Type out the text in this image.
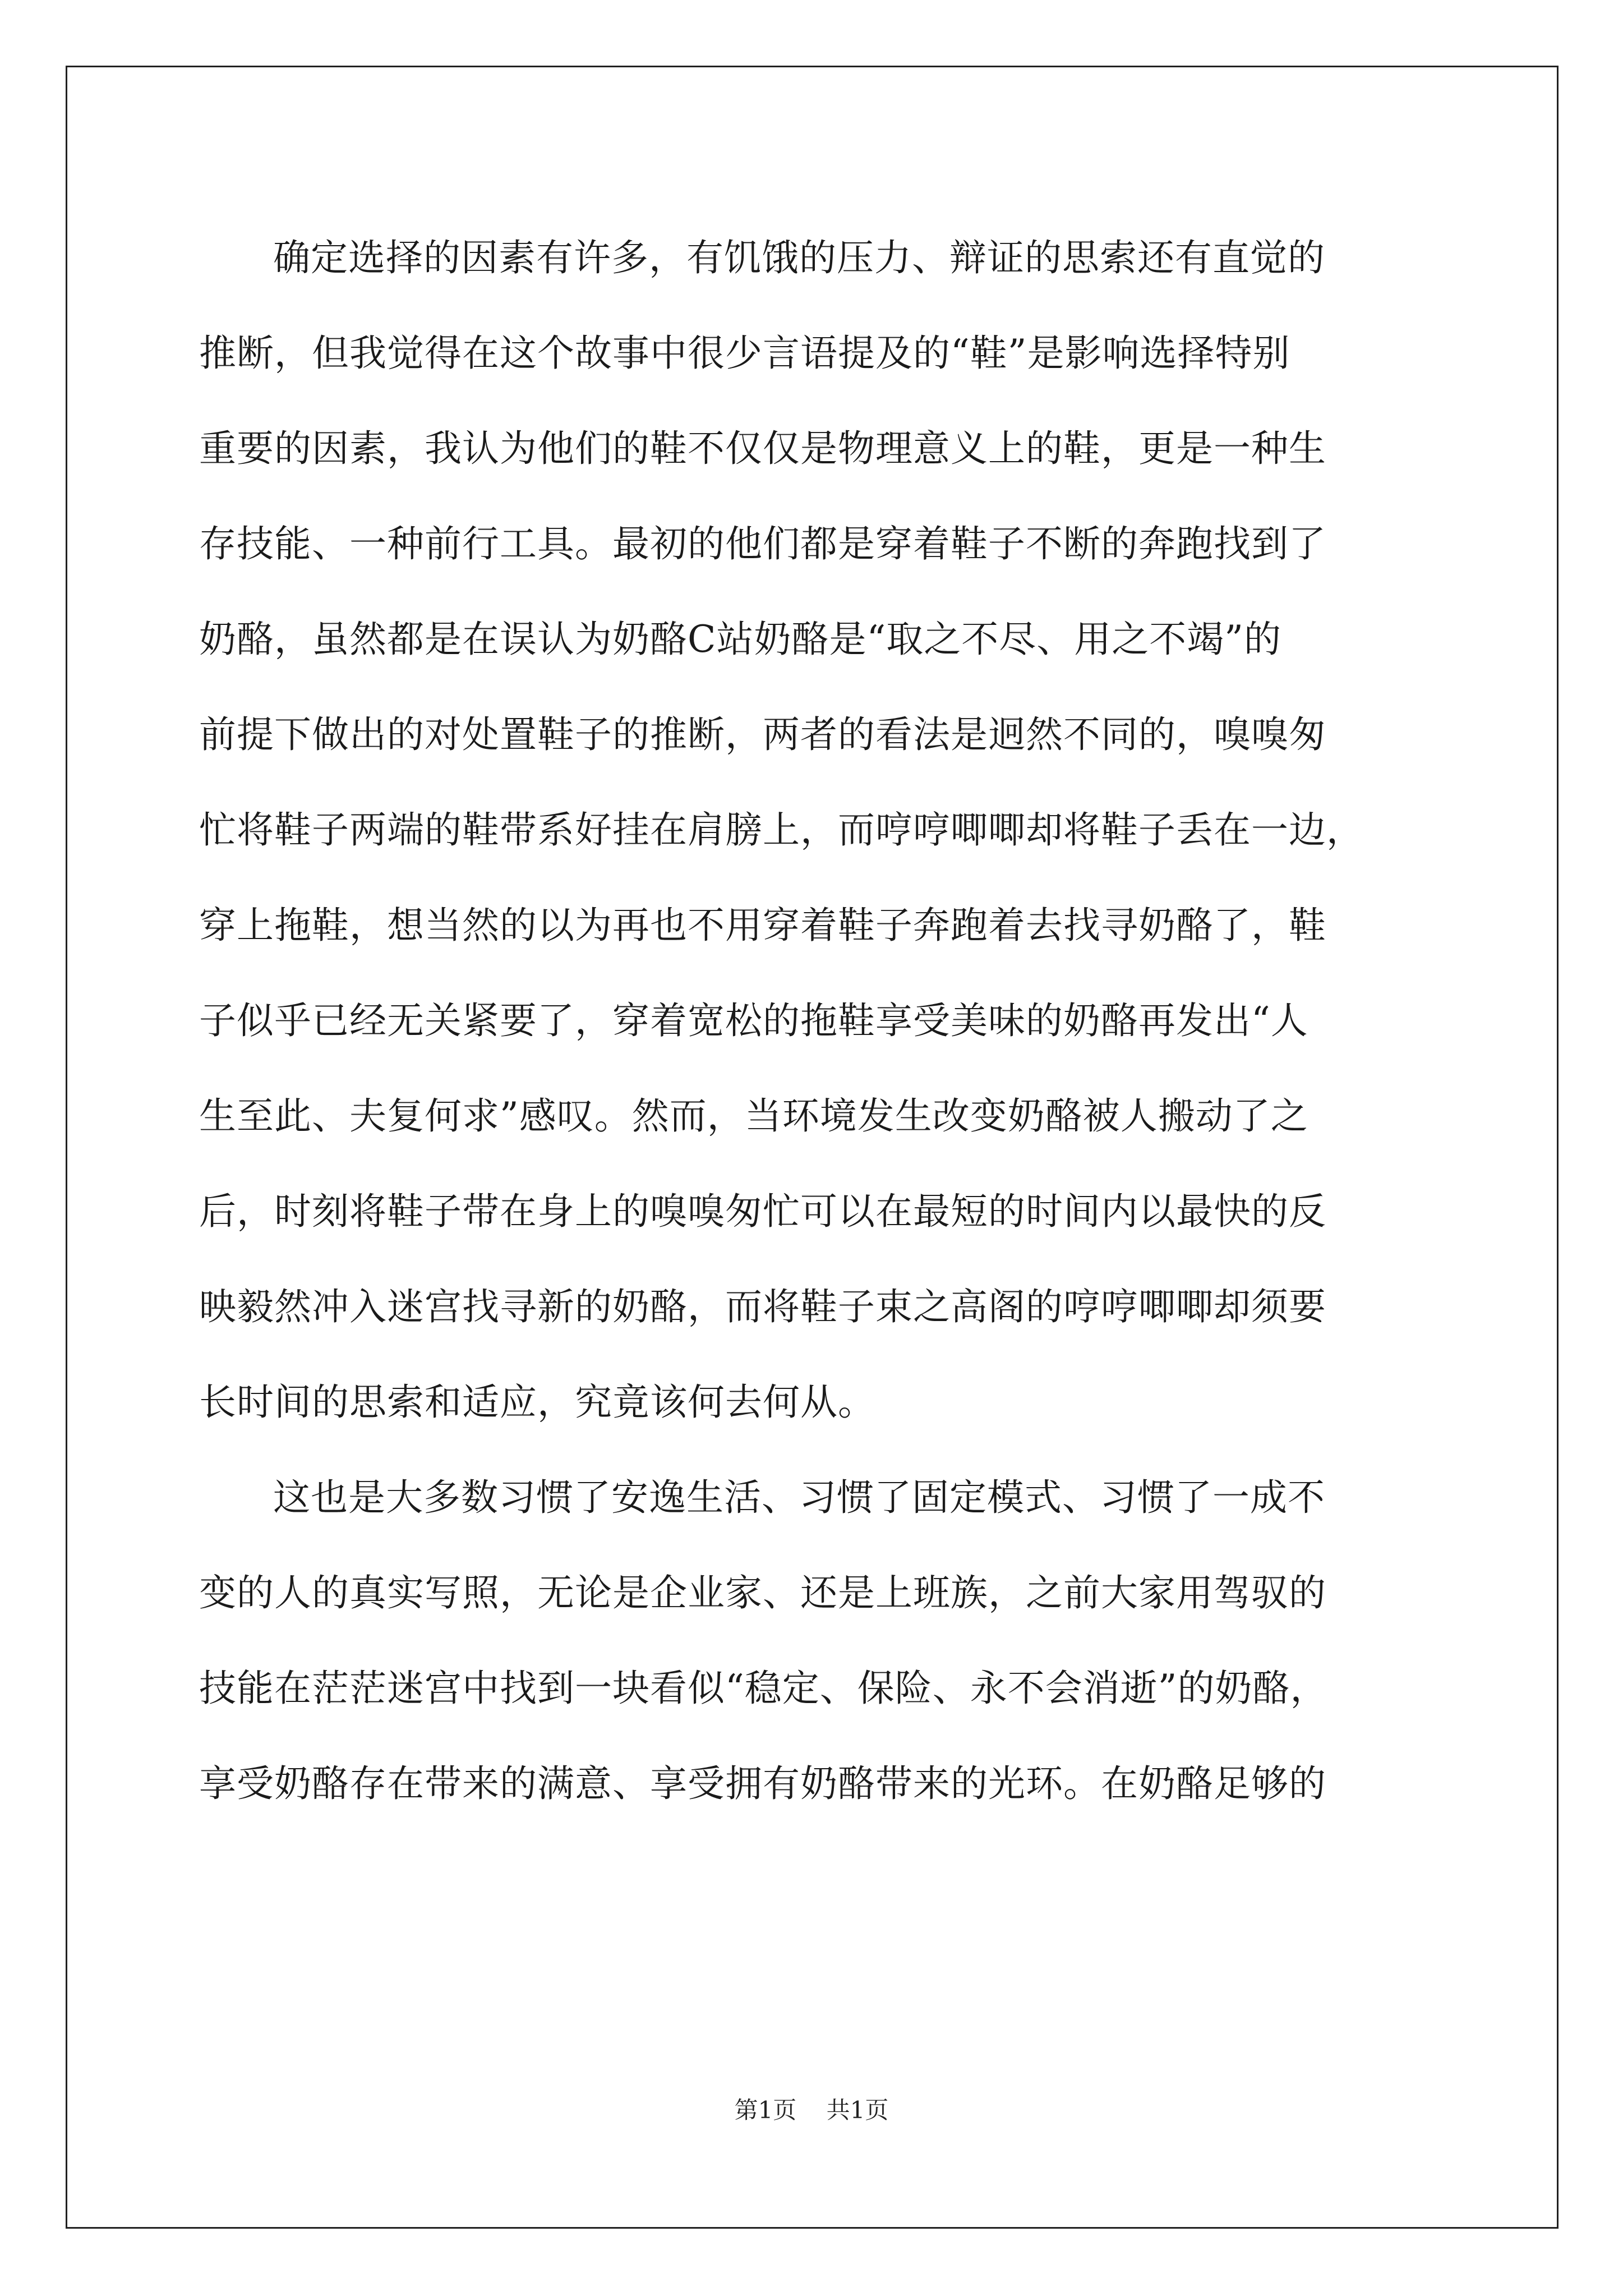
确定选择的因素有许多，有饥饿的压力、辩证的思索还有直觉的
推断，但我觉得在这个故事中很少言语提及的“鞋”是影响选择特别
重要的因素，我认为他们的鞋不仅仅是物理意义上的鞋，更是一种生
存技能、一种前行工具。最初的他们都是穿着鞋子不断的奔跑找到了
奶酪，虽然都是在误认为奶酪C站奶酪是“取之不尽、用之不竭”的
前提下做出的对处置鞋子的推断，两者的看法是迥然不同的，嗅嗅匆
忙将鞋子两端的鞋带系好挂在肩膀上，而哼哼唧唧却将鞋子丢在一边，
穿上拖鞋，想当然的以为再也不用穿着鞋子奔跑着去找寻奶酪了，鞋
子似乎已经无关紧要了，穿着宽松的拖鞋享受美味的奶酪再发出“人
生至此、夫复何求”感叹。然而，当环境发生改变奶酪被人搬动了之
后，时刻将鞋子带在身上的嗅嗅匆忙可以在最短的时间内以最快的反
映毅然冲入迷宫找寻新的奶酪，而将鞋子束之高阁的哼哼唧唧却须要
长时间的思索和适应，究竟该何去何从。
这也是大多数习惯了安逸生活、习惯了固定模式、习惯了一成不
变的人的真实写照，无论是企业家、还是上班族，之前大家用驾驭的
技能在茫茫迷宫中找到一块看似“稳定、保险、永不会消逝”的奶酪，
享受奶酪存在带来的满意、享受拥有奶酪带来的光环。在奶酪足够的
第1页 共1页
